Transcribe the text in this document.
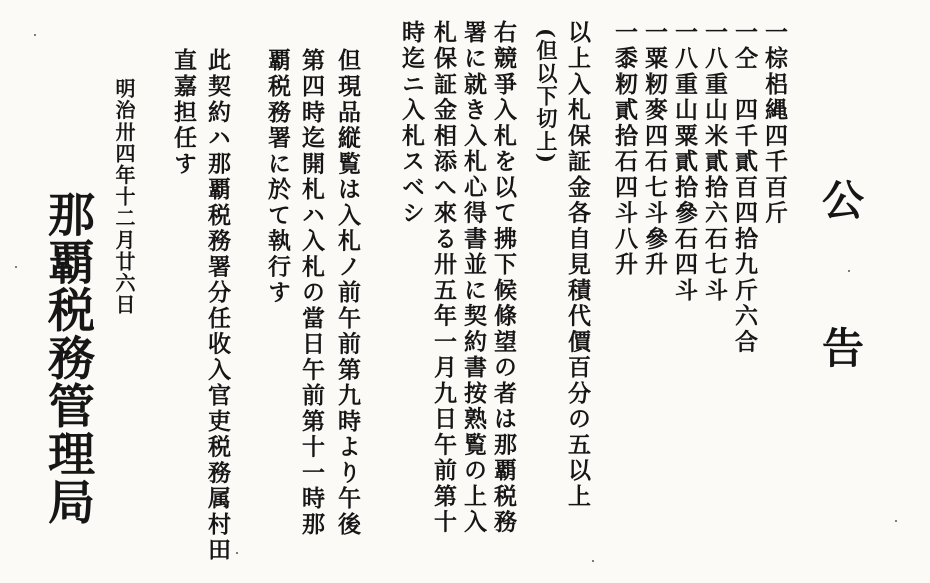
公
告
一棕梠縄四千百斤
一仝　四千貳百四拾九斤六合
一八重山米貳拾六石七斗
一八重山粟貳拾參石四斗
一粟籾麥四石七斗參升
一黍籾貳拾石四斗八升
以上入札保証金各自見積代價百分の五以上
(但以下切上)
右競爭入札を以て拂下候條望の者は那覇税務
署に就き入札心得書並に契約書按熟覧の上入
札保証金相添へ來る卅五年一月九日午前第十
時迄ニ入札スベシ
但現品縦覧は入札ノ前午前第九時より午後
第四時迄開札ハ入札の當日午前第十一時那
覇税務署に於て執行す
此契約ハ那覇税務署分任收入官吏税務属村田
直嘉担任す
明治卅四年十二月廿六日
那覇税務管理局
